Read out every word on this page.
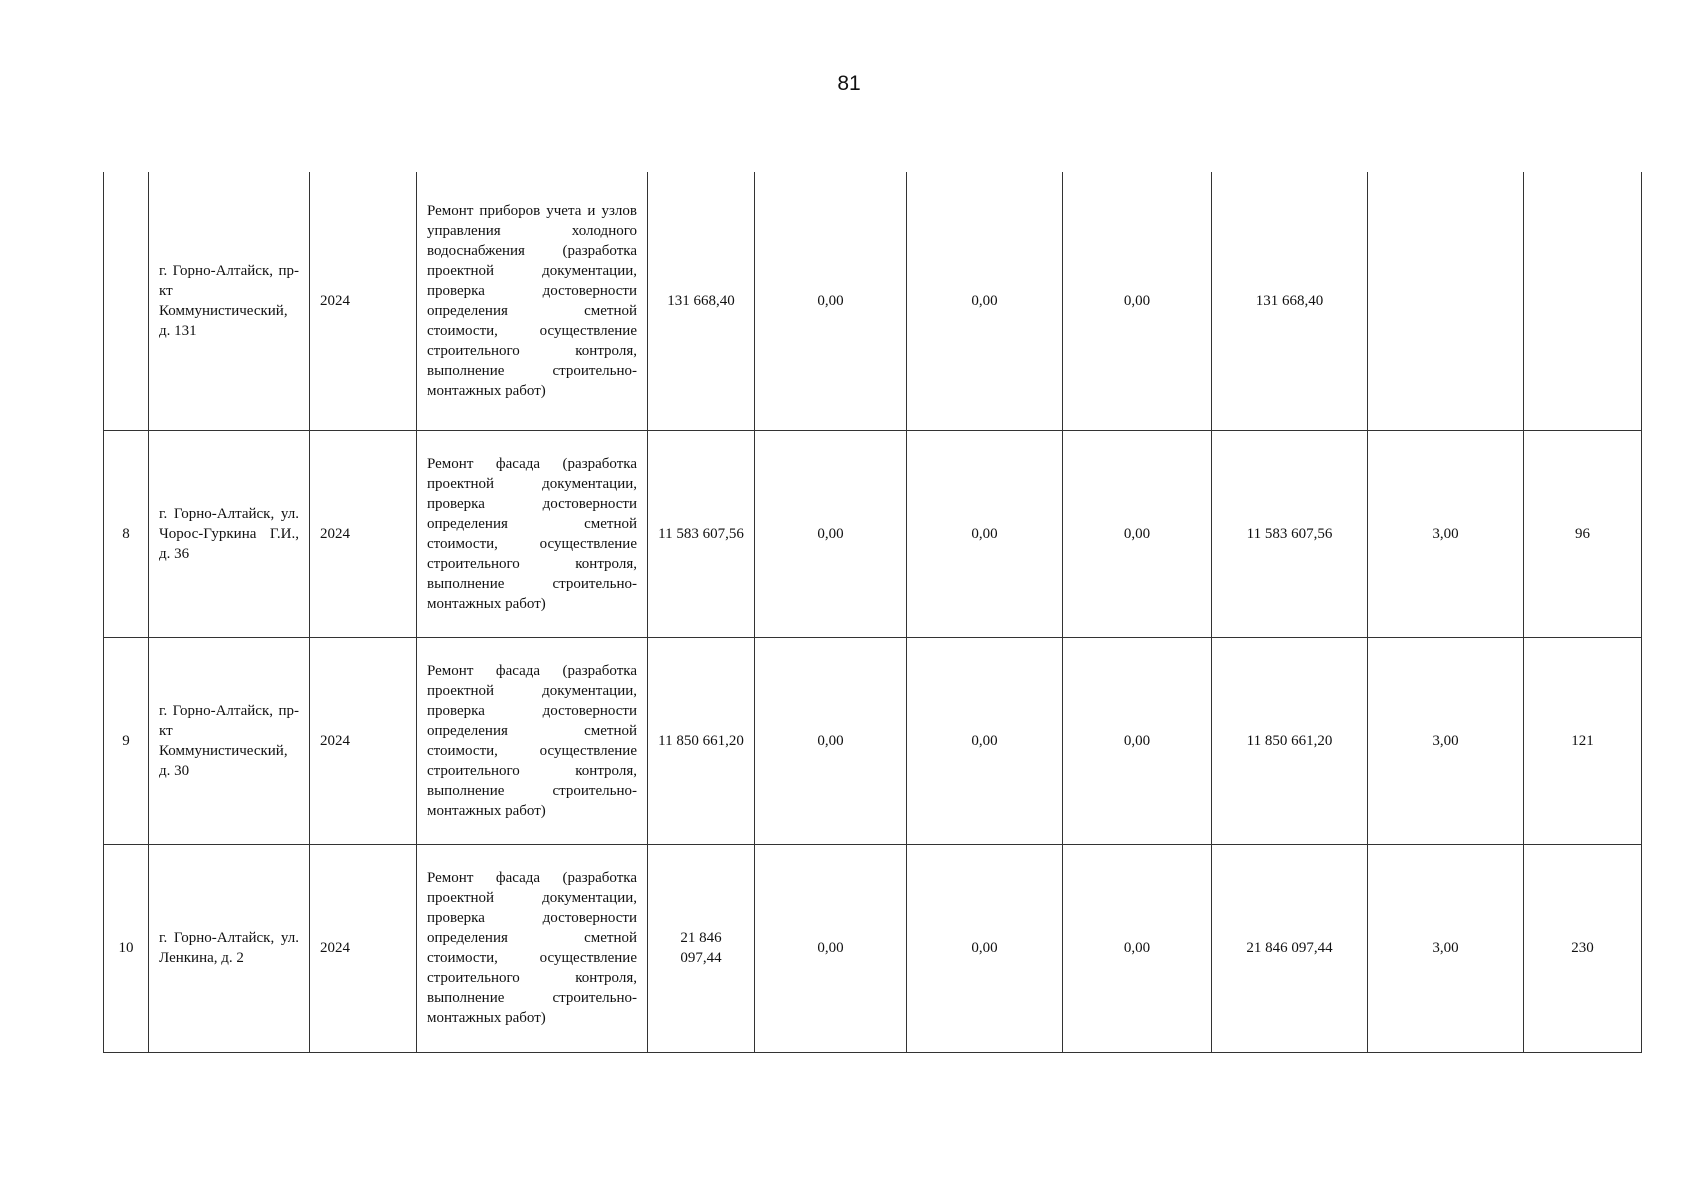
81
	г. Горно-Алтайск, пр-кт Коммунистический, д. 131	2024	Ремонт приборов учета и узлов управления холодного водоснабжения (разработка проектной документации, проверка достоверности определения сметной стоимости, осуществление строительного контроля, выполнение строительно-монтажных работ)	131 668,40	0,00	0,00	0,00	131 668,40		
8	г. Горно-Алтайск, ул. Чорос-Гуркина Г.И., д. 36	2024	Ремонт фасада (разработка проектной документации, проверка достоверности определения сметной стоимости, осуществление строительного контроля, выполнение строительно-монтажных работ)	11 583 607,56	0,00	0,00	0,00	11 583 607,56	3,00	96
9	г. Горно-Алтайск, пр-кт Коммунистический, д. 30	2024	Ремонт фасада (разработка проектной документации, проверка достоверности определения сметной стоимости, осуществление строительного контроля, выполнение строительно-монтажных работ)	11 850 661,20	0,00	0,00	0,00	11 850 661,20	3,00	121
10	г. Горно-Алтайск, ул. Ленкина, д. 2	2024	Ремонт фасада (разработка проектной документации, проверка достоверности определения сметной стоимости, осуществление строительного контроля, выполнение строительно-монтажных работ)	21 846 097,44	0,00	0,00	0,00	21 846 097,44	3,00	230
